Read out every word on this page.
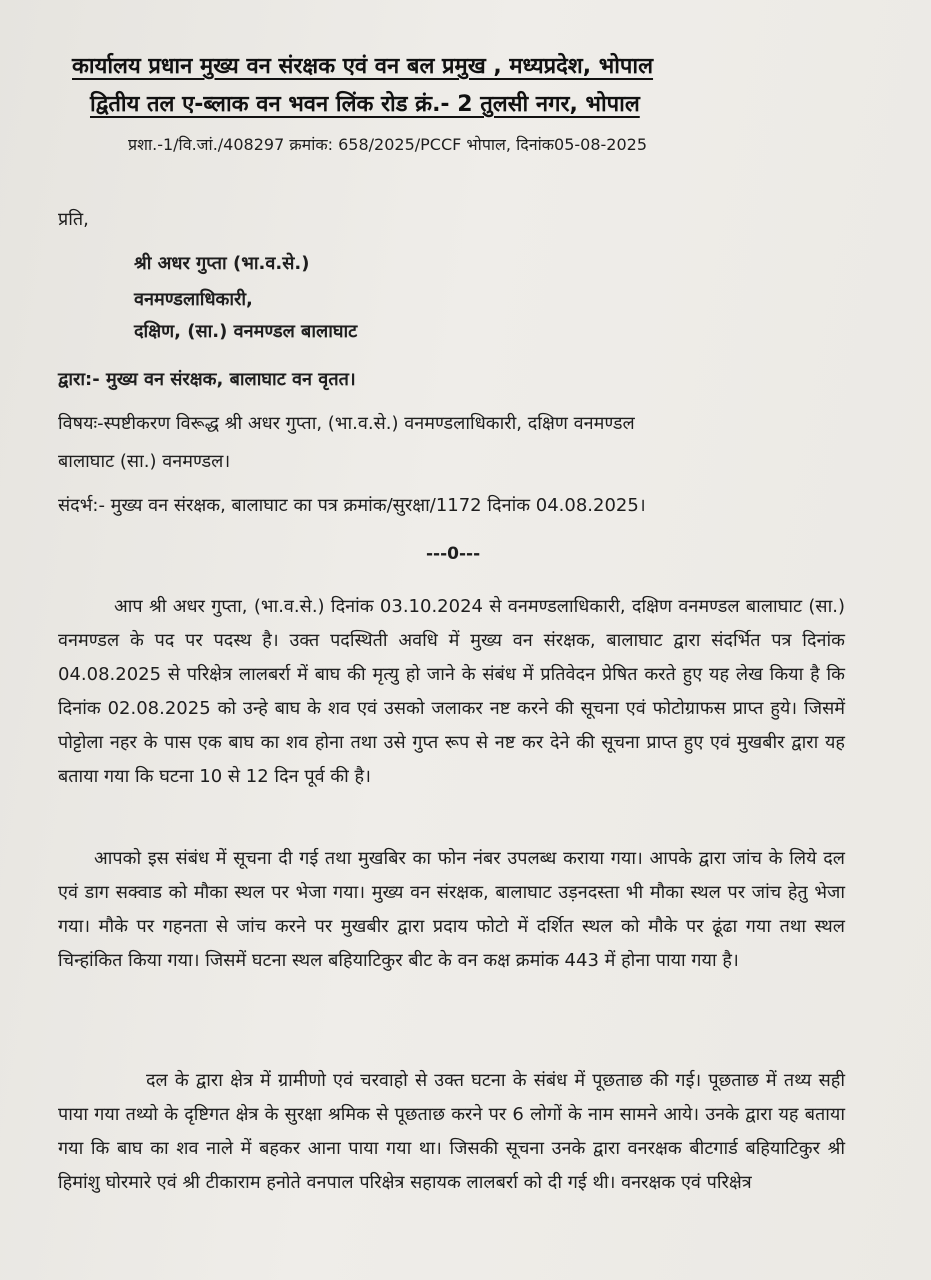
कार्यालय प्रधान मुख्य वन संरक्षक एवं वन बल प्रमुख , मध्यप्रदेश, भोपाल
द्वितीय तल ए-ब्लाक वन भवन लिंक रोड क्रं.- 2 तुलसी नगर, भोपाल
प्रशा.-1/वि.जां./408297 क्रमांक: 658/2025/PCCF भोपाल, दिनांक05-08-2025
प्रति,
श्री अधर गुप्ता (भा.व.से.)
वनमण्डलाधिकारी,
दक्षिण, (सा.) वनमण्डल बालाघाट
द्वारा:- मुख्य वन संरक्षक, बालाघाट वन वृतत।
विषयः-स्पष्टीकरण विरूद्ध श्री अधर गुप्ता, (भा.व.से.) वनमण्डलाधिकारी, दक्षिण वनमण्डल
बालाघाट (सा.) वनमण्डल।
संदर्भ:- मुख्य वन संरक्षक, बालाघाट का पत्र क्रमांक/सुरक्षा/1172 दिनांक 04.08.2025।
---0---
आप श्री अधर गुप्ता, (भा.व.से.) दिनांक 03.10.2024 से वनमण्डलाधिकारी, दक्षिण वनमण्डल बालाघाट (सा.) वनमण्डल के पद पर पदस्थ है। उक्त पदस्थिती अवधि में मुख्य वन संरक्षक, बालाघाट द्वारा संदर्भित पत्र दिनांक 04.08.2025 से परिक्षेत्र लालबर्रा में बाघ की मृत्यु हो जाने के संबंध में प्रतिवेदन प्रेषित करते हुए यह लेख किया है कि दिनांक 02.08.2025 को उन्हे बाघ के शव एवं उसको जलाकर नष्ट करने की सूचना एवं फोटोग्राफस प्राप्त हुये। जिसमें पोट्टोला नहर के पास एक बाघ का शव होना तथा उसे गुप्त रूप से नष्ट कर देने की सूचना प्राप्त हुए एवं मुखबीर द्वारा यह बताया गया कि घटना 10 से 12 दिन पूर्व की है।
आपको इस संबंध में सूचना दी गई तथा मुखबिर का फोन नंबर उपलब्ध कराया गया। आपके द्वारा जांच के लिये दल एवं डाग सक्वाड को मौका स्थल पर भेजा गया। मुख्य वन संरक्षक, बालाघाट उड़नदस्ता भी मौका स्थल पर जांच हेतु भेजा गया। मौके पर गहनता से जांच करने पर मुखबीर द्वारा प्रदाय फोटो में दर्शित स्थल को मौके पर ढूंढा गया तथा स्थल चिन्हांकित किया गया। जिसमें घटना स्थल बहियाटिकुर बीट के वन कक्ष क्रमांक 443 में होना पाया गया है।
दल के द्वारा क्षेत्र में ग्रामीणो एवं चरवाहो से उक्त घटना के संबंध में पूछताछ की गई। पूछताछ में तथ्य सही पाया गया तथ्यो के दृष्टिगत क्षेत्र के सुरक्षा श्रमिक से पूछताछ करने पर 6 लोगों के नाम सामने आये। उनके द्वारा यह बताया गया कि बाघ का शव नाले में बहकर आना पाया गया था। जिसकी सूचना उनके द्वारा वनरक्षक बीटगार्ड बहियाटिकुर श्री हिमांशु घोरमारे एवं श्री टीकाराम हनोते वनपाल परिक्षेत्र सहायक लालबर्रा को दी गई थी। वनरक्षक एवं परिक्षेत्र
